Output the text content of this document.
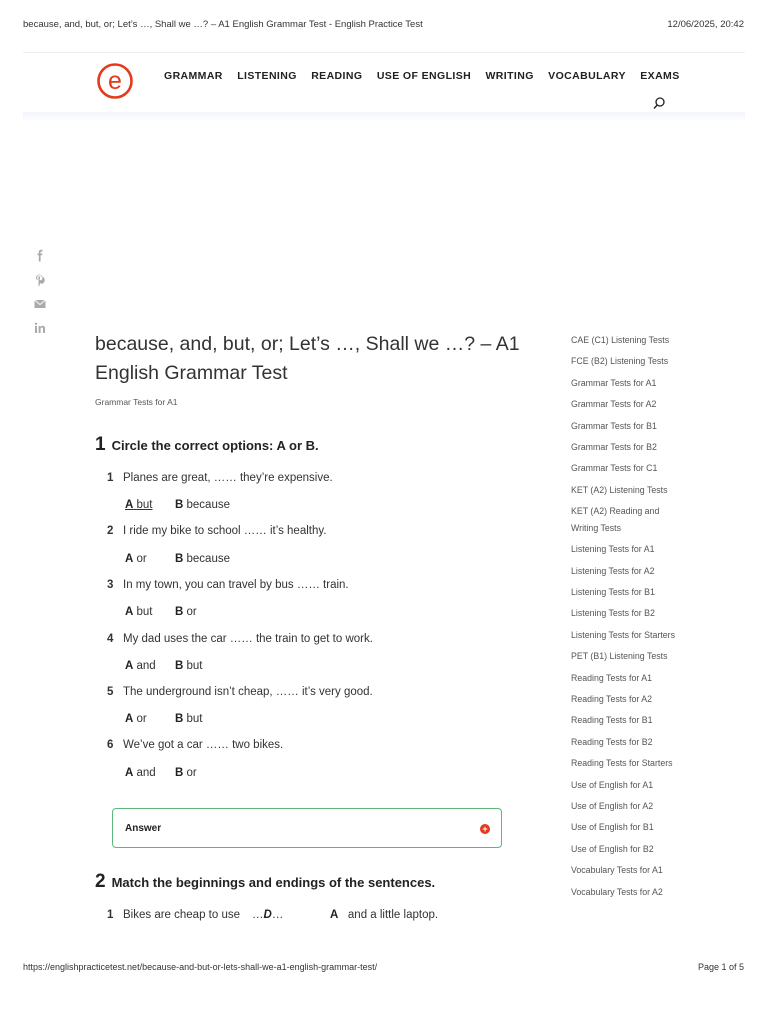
because, and, but, or; Let’s …, Shall we …? – A1 English Grammar Test - English Practice Test	12/06/2025, 20:42
e	GRAMMAR LISTENING READING USE OF ENGLISH WRITING VOCABULARY EXAMS
because, and, but, or; Let’s …, Shall we …? – A1 English Grammar Test
Grammar Tests for A1
1 Circle the correct options: A or B.
1 Planes are great, …… they’re expensive.
A but B because
2 I ride my bike to school …… it’s healthy.
A or B because
3 In my town, you can travel by bus …… train.
A but B or
4 My dad uses the car …… the train to get to work.
A and B but
5 The underground isn’t cheap, …… it’s very good.
A or B but
6 We’ve got a car …… two bikes.
A and B or
Answer	+
2 Match the beginnings and endings of the sentences.
1 Bikes are cheap to use …D…	A and a little laptop.
CAE (C1) Listening Tests
FCE (B2) Listening Tests
Grammar Tests for A1
Grammar Tests for A2
Grammar Tests for B1
Grammar Tests for B2
Grammar Tests for C1
KET (A2) Listening Tests
KET (A2) Reading and Writing Tests
Listening Tests for A1
Listening Tests for A2
Listening Tests for B1
Listening Tests for B2
Listening Tests for Starters
PET (B1) Listening Tests
Reading Tests for A1
Reading Tests for A2
Reading Tests for B1
Reading Tests for B2
Reading Tests for Starters
Use of English for A1
Use of English for A2
Use of English for B1
Use of English for B2
Vocabulary Tests for A1
Vocabulary Tests for A2
https://englishpracticetest.net/because-and-but-or-lets-shall-we-a1-english-grammar-test/	Page 1 of 5
